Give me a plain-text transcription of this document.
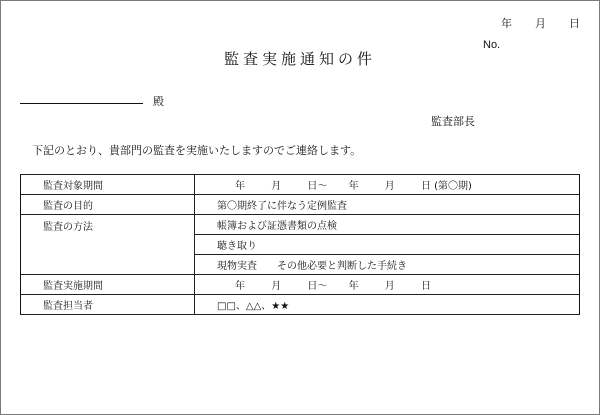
年 月 日
No.
監査実施通知の件
殿
監査部長
下記のとおり、貴部門の監査を実施いたしますのでご連絡します。
監査対象期間	年 月 日～ 年 月 日 (第〇期)
監査の目的	第〇期終了に伴なう定例監査
監査の方法	帳簿および証憑書類の点検
	聴き取り
	現物実査　　その他必要と判断した手続き
監査実施期間	年 月 日～ 年 月 日
監査担当者	□□、△△、★★
